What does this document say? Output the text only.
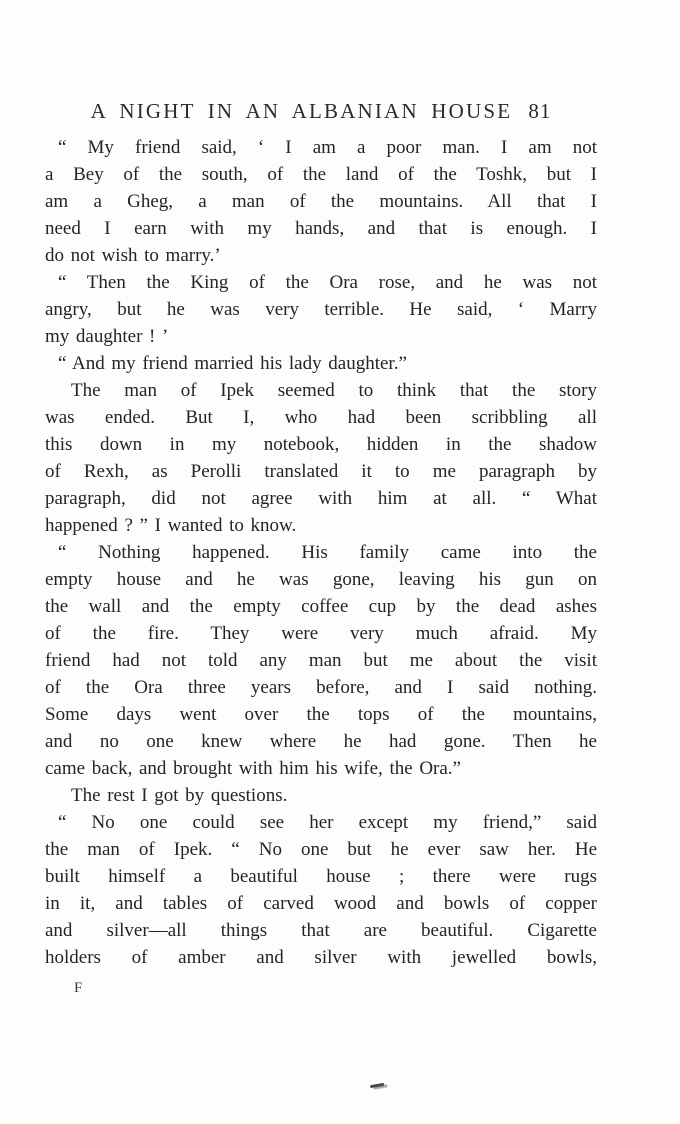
A NIGHT IN AN ALBANIAN HOUSE 81
“ My friend said, ‘ I am a poor man. I am not
a Bey of the south, of the land of the Toshk, but I
am a Gheg, a man of the mountains. All that I
need I earn with my hands, and that is enough. I
do not wish to marry.’
“ Then the King of the Ora rose, and he was not
angry, but he was very terrible. He said, ‘ Marry
my daughter ! ’
“ And my friend married his lady daughter.”
The man of Ipek seemed to think that the story
was ended. But I, who had been scribbling all
this down in my notebook, hidden in the shadow
of Rexh, as Perolli translated it to me paragraph by
paragraph, did not agree with him at all. “ What
happened ? ” I wanted to know.
“ Nothing happened. His family came into the
empty house and he was gone, leaving his gun on
the wall and the empty coffee cup by the dead ashes
of the fire. They were very much afraid. My
friend had not told any man but me about the visit
of the Ora three years before, and I said nothing.
Some days went over the tops of the mountains,
and no one knew where he had gone. Then he
came back, and brought with him his wife, the Ora.”
The rest I got by questions.
“ No one could see her except my friend,” said
the man of Ipek. “ No one but he ever saw her. He
built himself a beautiful house ; there were rugs
in it, and tables of carved wood and bowls of copper
and silver—all things that are beautiful. Cigarette
holders of amber and silver with jewelled bowls,
F
